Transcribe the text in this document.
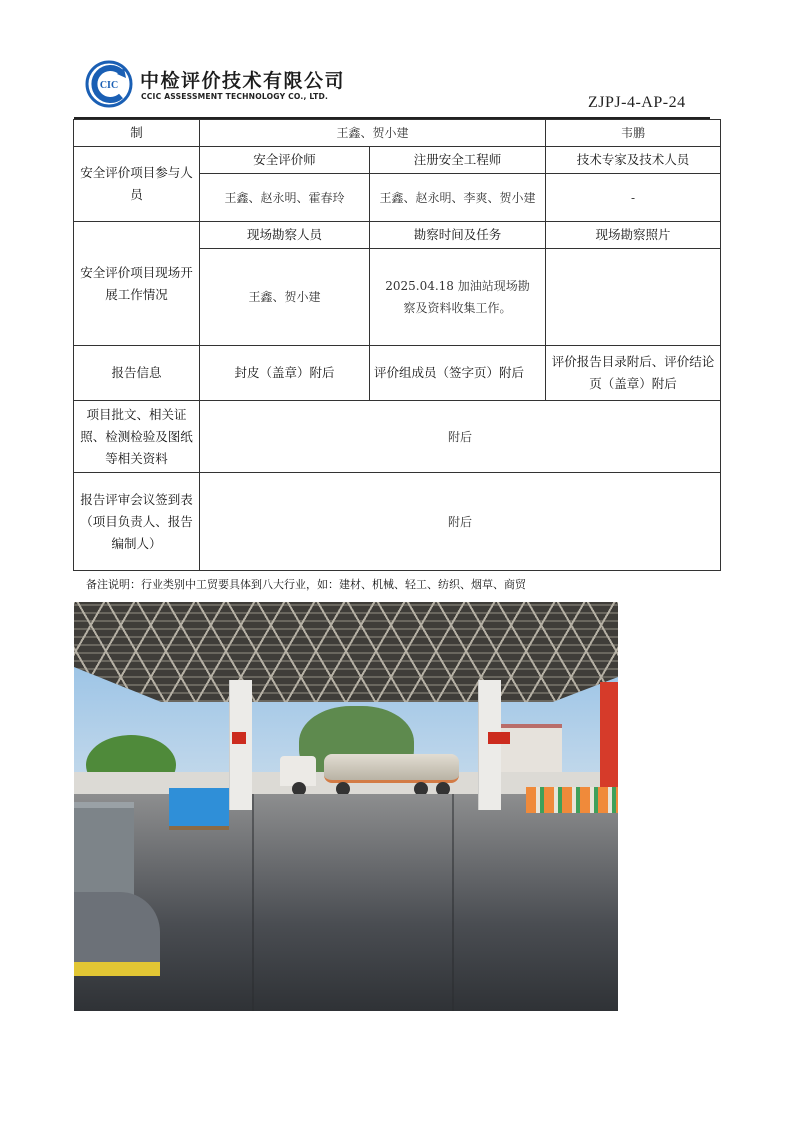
CIC 中检评价技术有限公司
CCIC ASSESSMENT TECHNOLOGY CO., LTD.	ZJPJ-4-AP-24
制	王鑫、贺小建		韦鹏
安全评价项目参与人员	安全评价师	注册安全工程师	技术专家及技术人员
	王鑫、赵永明、霍春玲	王鑫、赵永明、李爽、贺小建	-
安全评价项目现场开展工作情况	现场勘察人员	勘察时间及任务	现场勘察照片
	王鑫、贺小建	2025.04.18 加油站现场勘察及资料收集工作。	
报告信息	封皮（盖章）附后	评价组成员（签字页）附后	评价报告目录附后、评价结论页（盖章）附后
项目批文、相关证照、检测检验及图纸等相关资料	附后		
报告评审会议签到表（项目负责人、报告编制人）	附后		
备注说明：行业类别中工贸要具体到八大行业，如：建材、机械、轻工、纺织、烟草、商贸
